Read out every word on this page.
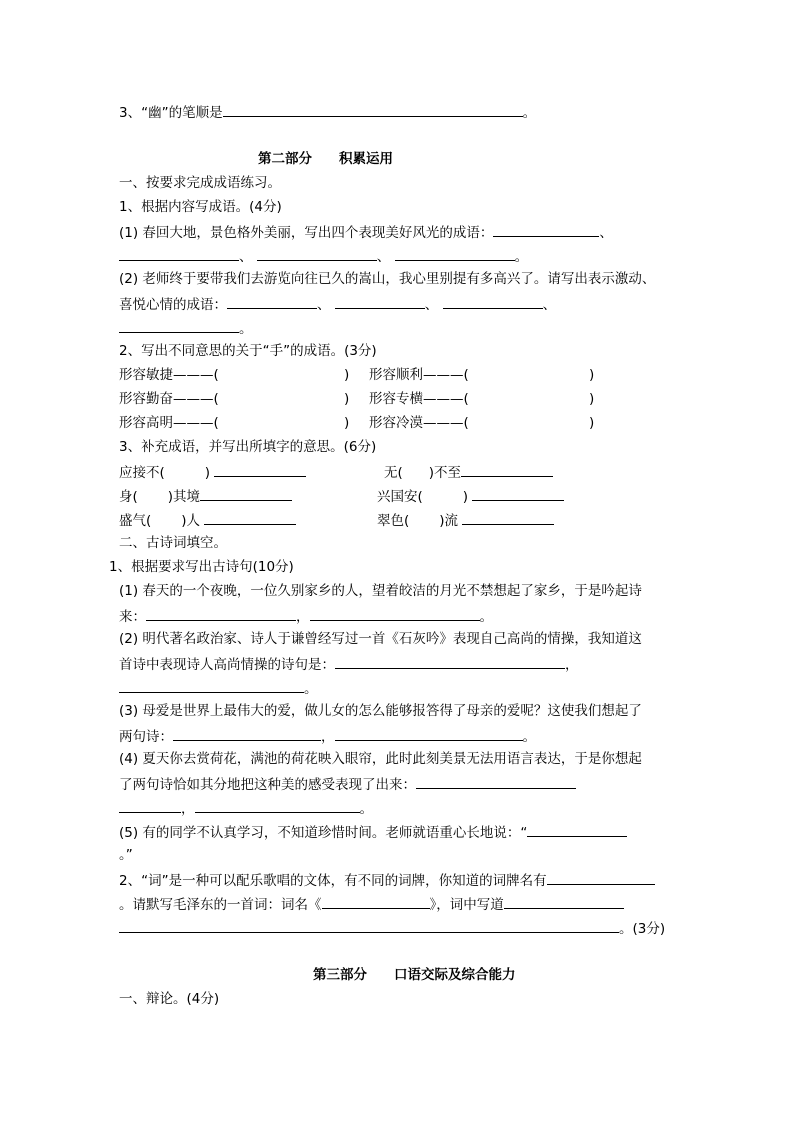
3、“幽”的笔顺是	。
第二部分　　积累运用
一、按要求完成成语练习。
1、根据内容写成语。(4分)
(1) 春回大地，景色格外美丽，写出四个表现美好风光的成语：	、
、	、	。
(2) 老师终于要带我们去游览向往已久的嵩山，我心里别提有多高兴了。请写出表示激动、
喜悦心情的成语：	、	、	、
。
2、写出不同意思的关于“手”的成语。(3分)
形容敏捷———(	) 形容顺利———(	)
形容勤奋———(	) 形容专横———(	)
形容高明———(	) 形容冷漠———(	)
3、补充成语，并写出所填字的意思。(6分)
应接不(	)	无( )不至
身( )其境	兴国安(	)
盛气( )人	翠色( )流
二、古诗词填空。
1、根据要求写出古诗句(10分)
(1) 春天的一个夜晚，一位久别家乡的人，望着皎洁的月光不禁想起了家乡，于是吟起诗
来：	，	。
(2) 明代著名政治家、诗人于谦曾经写过一首《石灰吟》表现自己高尚的情操，我知道这
首诗中表现诗人高尚情操的诗句是：	，
。
(3) 母爱是世界上最伟大的爱，做儿女的怎么能够报答得了母亲的爱呢？这使我们想起了
两句诗：	，	。
(4) 夏天你去赏荷花，满池的荷花映入眼帘，此时此刻美景无法用语言表达，于是你想起
了两句诗恰如其分地把这种美的感受表现了出来：
，	。
(5) 有的同学不认真学习，不知道珍惜时间。老师就语重心长地说：“
。”
2、“词”是一种可以配乐歌唱的文体，有不同的词牌，你知道的词牌名有
。请默写毛泽东的一首词：词名《	》，词中写道
。(3分)
第三部分　　口语交际及综合能力
一、辩论。(4分)
